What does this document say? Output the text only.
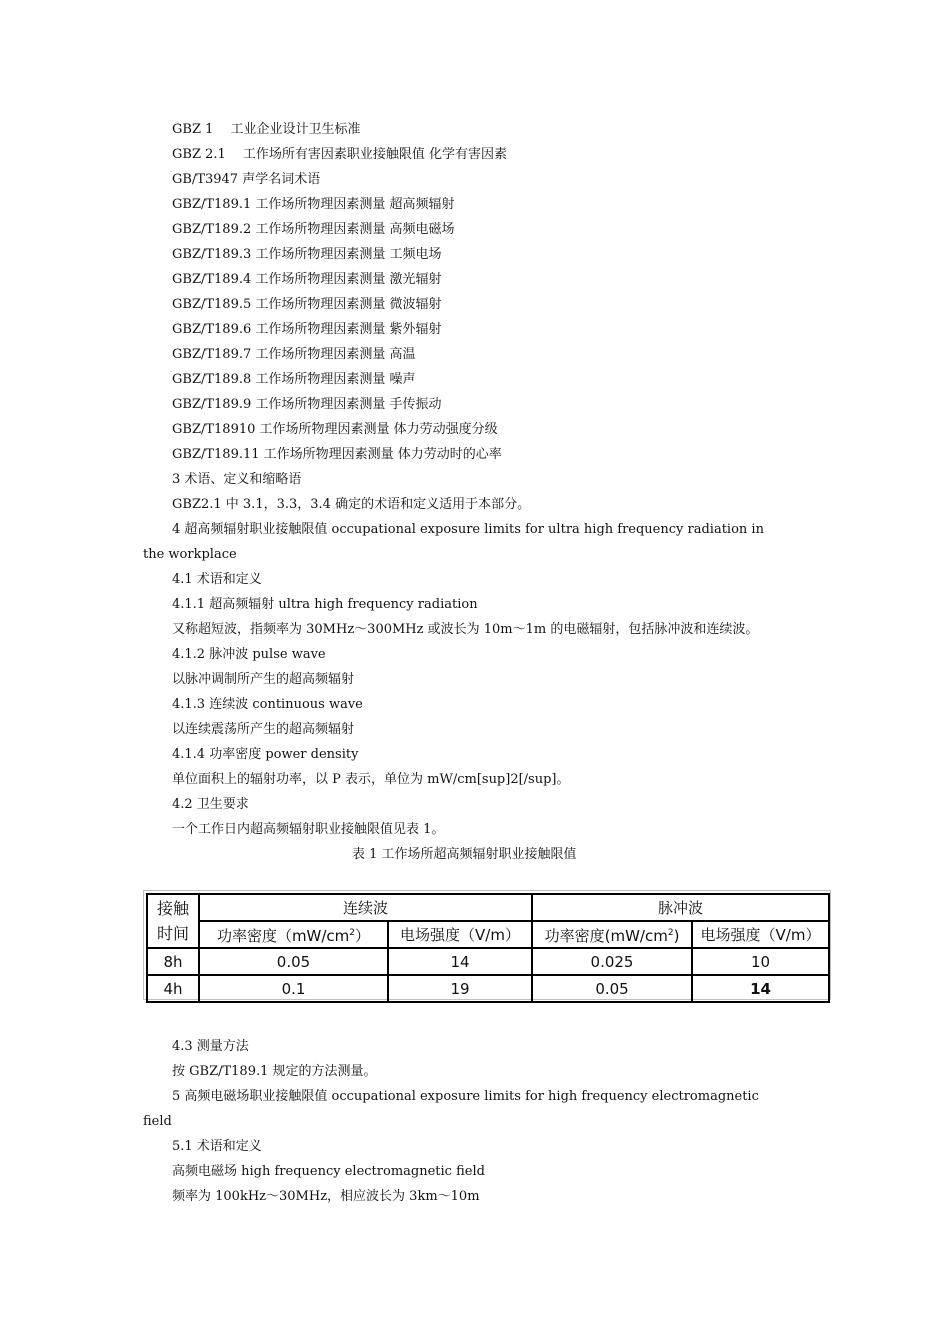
GBZ 1　 工业企业设计卫生标准
GBZ 2.1　 工作场所有害因素职业接触限值 化学有害因素
GB/T3947 声学名词术语
GBZ/T189.1 工作场所物理因素测量 超高频辐射
GBZ/T189.2 工作场所物理因素测量 高频电磁场
GBZ/T189.3 工作场所物理因素测量 工频电场
GBZ/T189.4 工作场所物理因素测量 激光辐射
GBZ/T189.5 工作场所物理因素测量 微波辐射
GBZ/T189.6 工作场所物理因素测量 紫外辐射
GBZ/T189.7 工作场所物理因素测量 高温
GBZ/T189.8 工作场所物理因素测量 噪声
GBZ/T189.9 工作场所物理因素测量 手传振动
GBZ/T18910 工作场所物理因素测量 体力劳动强度分级
GBZ/T189.11 工作场所物理因素测量 体力劳动时的心率
3 术语、定义和缩略语
GBZ2.1 中 3.1，3.3，3.4 确定的术语和定义适用于本部分。
4 超高频辐射职业接触限值 occupational exposure limits for ultra high frequency radiation in
the workplace
4.1 术语和定义
4.1.1 超高频辐射 ultra high frequency radiation
又称超短波，指频率为 30MHz～300MHz 或波长为 10m～1m 的电磁辐射，包括脉冲波和连续波。
4.1.2 脉冲波 pulse wave
以脉冲调制所产生的超高频辐射
4.1.3 连续波 continuous wave
以连续震荡所产生的超高频辐射
4.1.4 功率密度 power density
单位面积上的辐射功率，以 P 表示，单位为 mW/cm[sup]2[/sup]。
4.2 卫生要求
一个工作日内超高频辐射职业接触限值见表 1。
表 1 工作场所超高频辐射职业接触限值
接触
时间	连续波		脉冲波	
	功率密度$(mW/cm^2)$	电场强度（V/m）	功率密度$(mW/cm^2)$	电场强度（V/m）
8h	0.05	14	0.025	10
4h	0.1	19	0.05	14
4.3 测量方法
按 GBZ/T189.1 规定的方法测量。
5 高频电磁场职业接触限值 occupational exposure limits for high frequency electromagnetic
field
5.1 术语和定义
高频电磁场 high frequency electromagnetic field
频率为 100kHz～30MHz，相应波长为 3km～10m
